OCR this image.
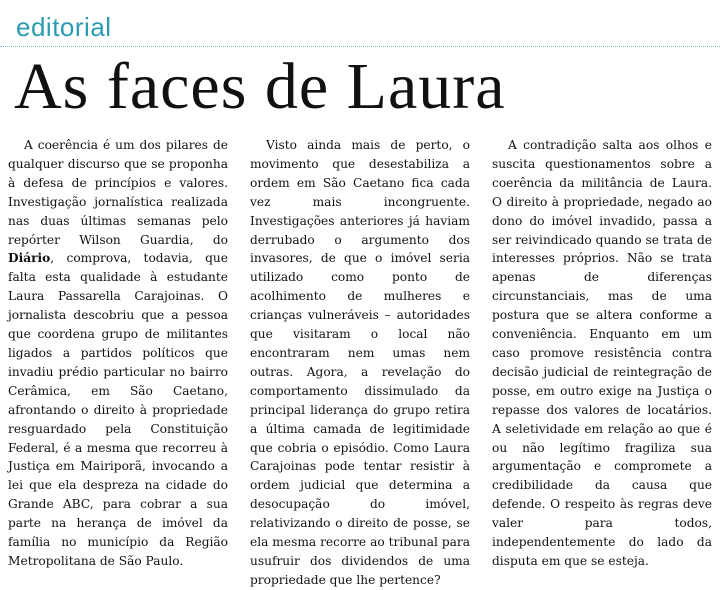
editorial
As faces de Laura

A coerência é um dos pilares de qualquer discurso que se proponha à defesa de princípios e valores. Investigação jornalística realizada nas duas últimas semanas pelo repórter Wilson Guardia, do Diário, comprova, todavia, que falta esta qualidade à estudante Laura Passarella Carajoinas. O jornalista descobriu que a pessoa que coordena grupo de militantes ligados a partidos políticos que invadiu prédio particular no bairro Cerâmica, em São Caetano, afrontando o direito à propriedade resguardado pela Constituição Federal, é a mesma que recorreu à Justiça em Mairiporã, invocando a lei que ela despreza na cidade do Grande ABC, para cobrar a sua parte na herança de imóvel da família no município da Região Metropolitana de São Paulo.

Visto ainda mais de perto, o movimento que desestabiliza a ordem em São Caetano fica cada vez mais incongruente. Investigações anteriores já haviam derrubado o argumento dos invasores, de que o imóvel seria utilizado como ponto de acolhimento de mulheres e crianças vulneráveis – autoridades que visitaram o local não encontraram nem umas nem outras. Agora, a revelação do comportamento dissimulado da principal liderança do grupo retira a última camada de legitimidade que cobria o episódio. Como Laura Carajoinas pode tentar resistir à ordem judicial que determina a desocupação do imóvel, relativizando o direito de posse, se ela mesma recorre ao tribunal para usufruir dos dividendos de uma propriedade que lhe pertence?

A contradição salta aos olhos e suscita questionamentos sobre a coerência da militância de Laura. O direito à propriedade, negado ao dono do imóvel invadido, passa a ser reivindicado quando se trata de interesses próprios. Não se trata apenas de diferenças circunstanciais, mas de uma postura que se altera conforme a conveniência. Enquanto em um caso promove resistência contra decisão judicial de reintegração de posse, em outro exige na Justiça o repasse dos valores de locatários. A seletividade em relação ao que é ou não legítimo fragiliza sua argumentação e compromete a credibilidade da causa que defende. O respeito às regras deve valer para todos, independentemente do lado da disputa em que se esteja.
